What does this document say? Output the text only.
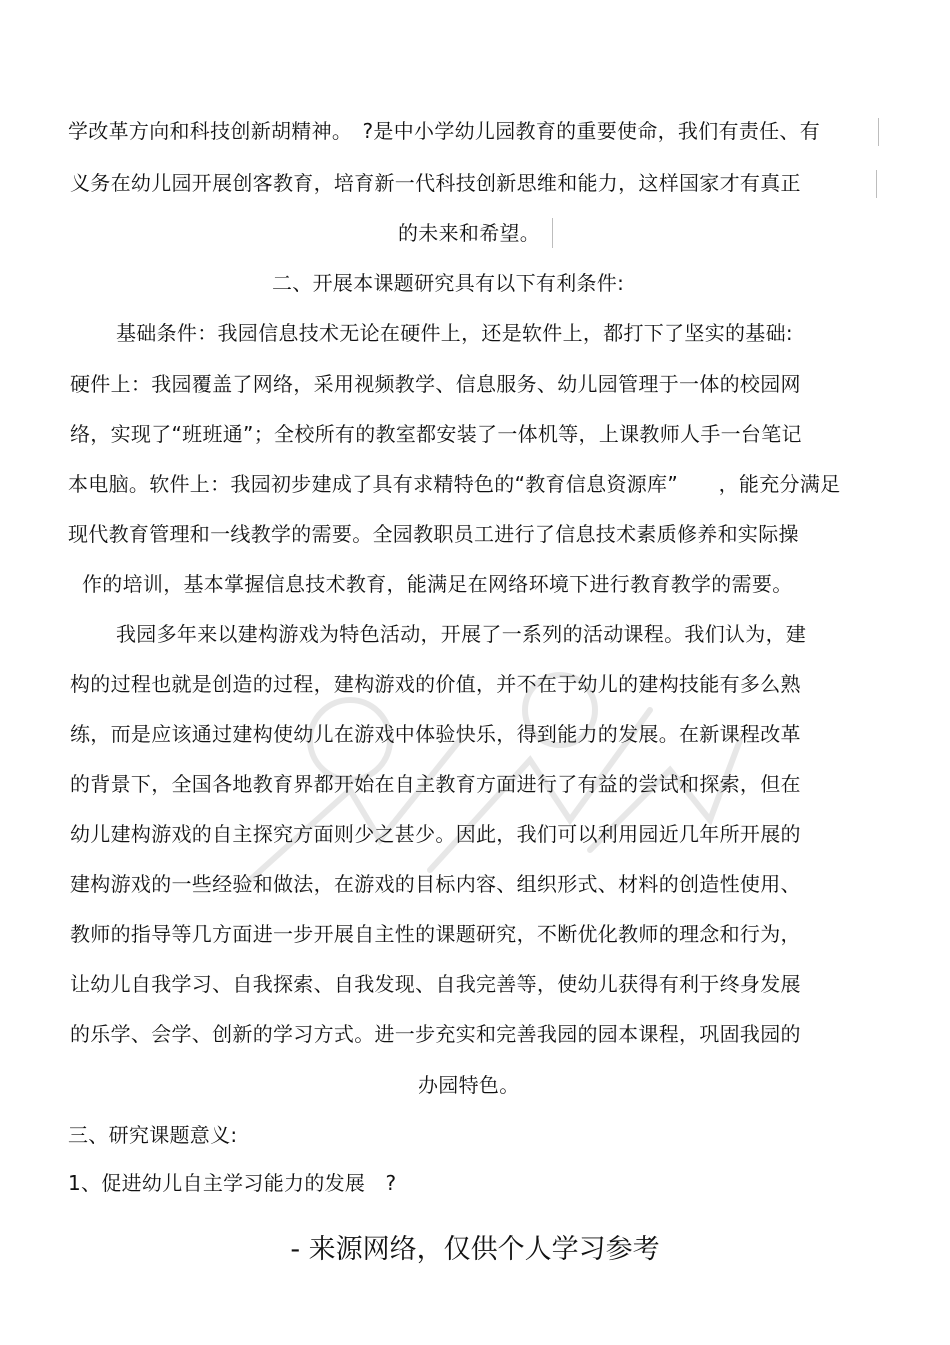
学改革方向和科技创新胡精神。　?是中小学幼儿园教育的重要使命，我们有责任、有
义务在幼儿园开展创客教育，培育新一代科技创新思维和能力，这样国家才有真正
的未来和希望。
二、开展本课题研究具有以下有利条件:
基础条件：我园信息技术无论在硬件上，还是软件上，都打下了坚实的基础:
硬件上：我园覆盖了网络，采用视频教学、信息服务、幼儿园管理于一体的校园网
络，实现了“班班通”；全校所有的教室都安装了一体机等，上课教师人手一台笔记
本电脑。软件上：我园初步建成了具有求精特色的“教育信息资源库”　　，能充分满足
现代教育管理和一线教学的需要。全园教职员工进行了信息技术素质修养和实际操
作的培训，基本掌握信息技术教育，能满足在网络环境下进行教育教学的需要。
我园多年来以建构游戏为特色活动，开展了一系列的活动课程。我们认为，建
构的过程也就是创造的过程，建构游戏的价值，并不在于幼儿的建构技能有多么熟
练，而是应该通过建构使幼儿在游戏中体验快乐，得到能力的发展。在新课程改革
的背景下，全国各地教育界都开始在自主教育方面进行了有益的尝试和探索，但在
幼儿建构游戏的自主探究方面则少之甚少。因此，我们可以利用园近几年所开展的
建构游戏的一些经验和做法，在游戏的目标内容、组织形式、材料的创造性使用、
教师的指导等几方面进一步开展自主性的课题研究，不断优化教师的理念和行为，
让幼儿自我学习、自我探索、自我发现、自我完善等，使幼儿获得有利于终身发展
的乐学、会学、创新的学习方式。进一步充实和完善我园的园本课程，巩固我园的
办园特色。
三、研究课题意义:
1、促进幼儿自主学习能力的发展　?
- 来源网络，仅供个人学习参考
